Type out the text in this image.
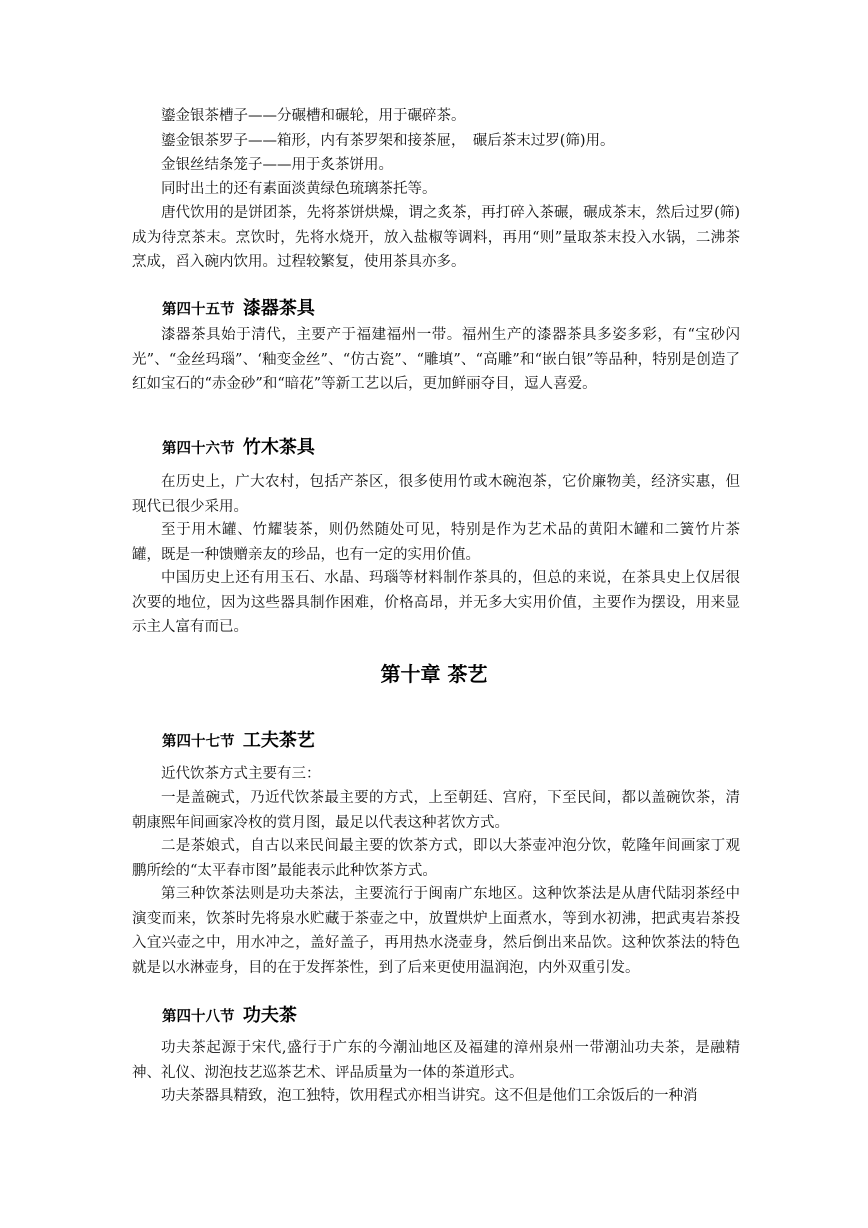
鎏金银茶槽子——分碾槽和碾轮，用于碾碎茶。

鎏金银茶罗子——箱形，内有茶罗架和接茶屉，　碾后茶末过罗(筛)用。

金银丝结条笼子——用于炙茶饼用。

同时出土的还有素面淡黄绿色琉璃茶托等。

唐代饮用的是饼团茶，先将茶饼烘燥，谓之炙茶，再打碎入茶碾，碾成茶末，然后过罗(筛)成为待烹茶末。烹饮时，先将水烧开，放入盐椒等调料，再用“则”量取茶末投入水锅，二沸茶烹成，舀入碗内饮用。过程较繁复，使用茶具亦多。

第四十五节 漆器茶具

漆器茶具始于清代，主要产于福建福州一带。福州生产的漆器茶具多姿多彩，有“宝砂闪光”、“金丝玛瑙”、‘釉变金丝”、“仿古瓷”、“雕填”、“高雕”和“嵌白银”等品种，特别是创造了红如宝石的“赤金砂”和“暗花”等新工艺以后，更加鲜丽夺目，逗人喜爱。

第四十六节 竹木茶具

在历史上，广大农村，包括产茶区，很多使用竹或木碗泡茶，它价廉物美，经济实惠，但现代已很少采用。

至于用木罐、竹耀装茶，则仍然随处可见，特别是作为艺术品的黄阳木罐和二簧竹片茶罐，既是一种馈赠亲友的珍品，也有一定的实用价值。

中国历史上还有用玉石、水晶、玛瑙等材料制作茶具的，但总的来说，在茶具史上仅居很次要的地位，因为这些器具制作困难，价格高昂，并无多大实用价值，主要作为摆设，用来显示主人富有而已。

第十章 茶艺
第四十七节 工夫茶艺

近代饮茶方式主要有三：

一是盖碗式，乃近代饮茶最主要的方式，上至朝廷、宫府，下至民间，都以盖碗饮茶，清朝康熙年间画家冷枚的赏月图，最足以代表这种茗饮方式。

二是茶娘式，自古以来民间最主要的饮茶方式，即以大茶壶冲泡分饮，乾隆年间画家丁观鹏所绘的“太平春市图”最能表示此种饮茶方式。

第三种饮茶法则是功夫茶法，主要流行于闽南广东地区。这种饮茶法是从唐代陆羽茶经中演变而来，饮茶时先将泉水贮藏于茶壶之中，放置烘炉上面煮水，等到水初沸，把武夷岩茶投入宜兴壶之中，用水冲之，盖好盖子，再用热水浇壶身，然后倒出来品饮。这种饮茶法的特色就是以水淋壶身，目的在于发挥茶性，到了后来更使用温润泡，内外双重引发。

第四十八节 功夫茶

功夫茶起源于宋代,盛行于广东的今潮汕地区及福建的漳州泉州一带潮汕功夫茶，是融精神、礼仪、沏泡技艺巡茶艺术、评品质量为一体的茶道形式。

功夫茶器具精致，泡工独特，饮用程式亦相当讲究。这不但是他们工余饭后的一种消
